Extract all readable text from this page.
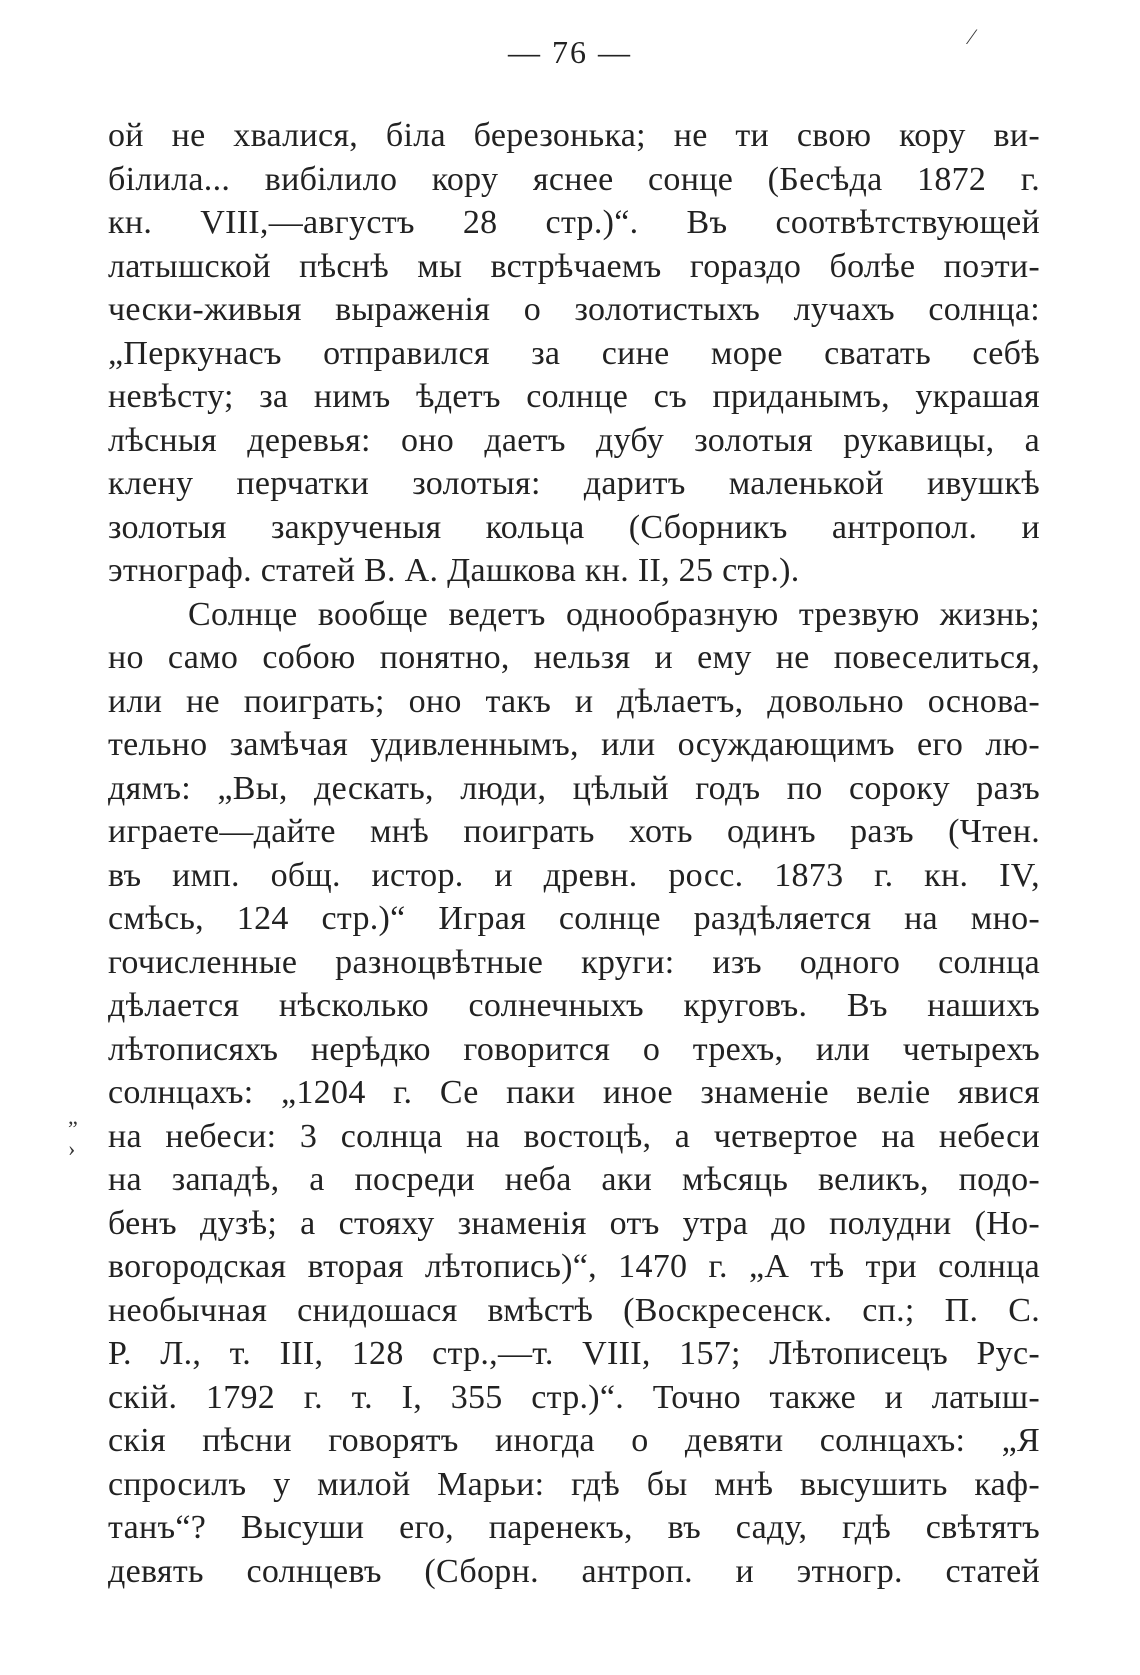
— 76 —
ой не хвалися, біла березонька; не ти свою кору ви-
білила... вибілило кору яснее сонце (Бесѣда 1872 г.
кн. VIII,—августъ 28 стр.)“. Въ соотвѣтствующей
латышской пѣснѣ мы встрѣчаемъ гораздо болѣе поэти-
чески-живыя выраженія о золотистыхъ лучахъ солнца:
„Перкунасъ отправился за сине море сватать себѣ
невѣсту; за нимъ ѣдетъ солнце съ приданымъ, украшая
лѣсныя деревья: оно даетъ дубу золотыя рукавицы, а
клену перчатки золотыя: даритъ маленькой ивушкѣ
золотыя закрученыя кольца (Сборникъ антропол. и
этнограф. статей В. А. Дашкова кн. II, 25 стр.).
Солнце вообще ведетъ однообразную трезвую жизнь;
но само собою понятно, нельзя и ему не повеселиться,
или не поиграть; оно такъ и дѣлаетъ, довольно основа-
тельно замѣчая удивленнымъ, или осуждающимъ его лю-
дямъ: „Вы, дескать, люди, цѣлый годъ по сороку разъ
играете—дайте мнѣ поиграть хоть одинъ разъ (Чтен.
въ имп. общ. истор. и древн. росс. 1873 г. кн. IV,
смѣсь, 124 стр.)“ Играя солнце раздѣляется на мно-
гочисленные разноцвѣтные круги: изъ одного солнца
дѣлается нѣсколько солнечныхъ круговъ. Въ нашихъ
лѣтописяхъ нерѣдко говорится о трехъ, или четырехъ
солнцахъ: „1204 г. Се паки иное знаменіе веліе явися
на небеси: 3 солнца на востоцѣ, а четвертое на небеси
на западѣ, а посреди неба аки мѣсяць великъ, подо-
бенъ дузѣ; а стояху знаменія отъ утра до полудни (Но-
вогородская вторая лѣтопись)“, 1470 г. „А тѣ три солнца
необычная снидошася вмѣстѣ (Воскресенск. сп.; П. С.
Р. Л., т. III, 128 стр.,—т. VIII, 157; Лѣтописецъ Рус-
скій. 1792 г. т. I, 355 стр.)“. Точно также и латыш-
скія пѣсни говорятъ иногда о девяти солнцахъ: „Я
спросилъ у милой Марьи: гдѣ бы мнѣ высушить каф-
танъ“? Высуши его, паренекъ, въ саду, гдѣ свѣтятъ
девять солнцевъ (Сборн. антроп. и этногр. статей
 ⁄
„
›
